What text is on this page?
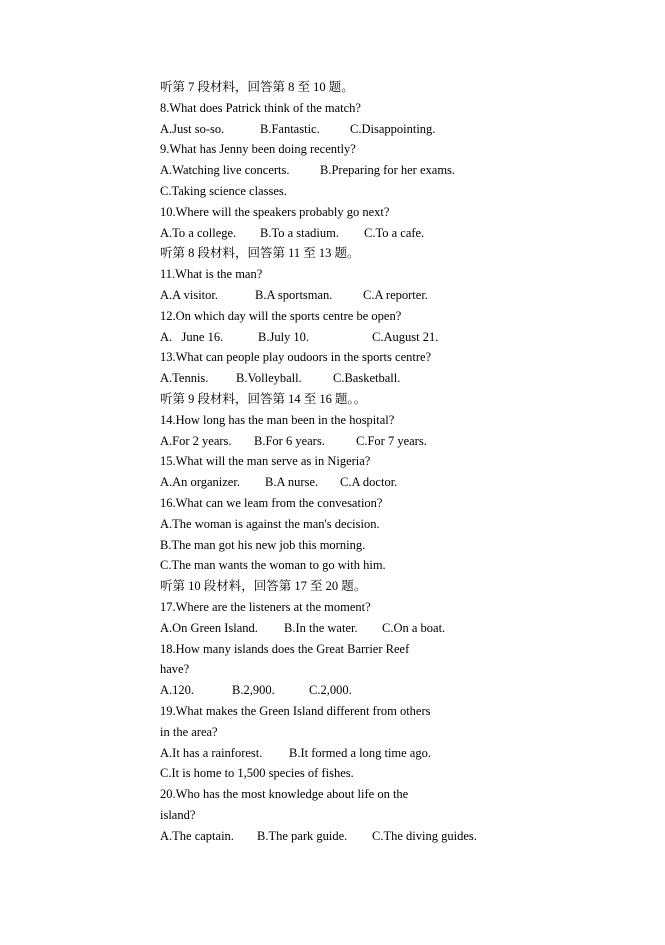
听第 7 段材料，回答第 8 至 10 题。
8.What does Patrick think of the match?
A.Just so-so.	B.Fantastic.	C.Disappointing.
9.What has Jenny been doing recently?
A.Watching live concerts.	B.Preparing for her exams.
C.Taking science classes.
10.Where will the speakers probably go next?
A.To a college.	B.To a stadium.	C.To a cafe.
听第 8 段材料，回答第 11 至 13 题。
11.What is the man?
A.A visitor.	B.A sportsman.	C.A reporter.
12.On which day will the sports centre be open?
A.   June 16.	B.July 10.	C.August 21.
13.What can people play oudoors in the sports centre?
A.Tennis.	B.Volleyball.	C.Basketball.
听第 9 段材料，回答第 14 至 16 题。。
14.How long has the man been in the hospital?
A.For 2 years.	B.For 6 years.	C.For 7 years.
15.What will the man serve as in Nigeria?
A.An organizer.	B.A nurse.	C.A doctor.
16.What can we leam from the convesation?
A.The woman is against the man's decision.
B.The man got his new job this morning.
C.The man wants the woman to go with him.
听第 10 段材料，回答第 17 至 20 题。
17.Where are the listeners at the moment?
A.On Green Island.	B.In the water.	C.On a boat.
18.How many islands does the Great Barrier Reef
have?
A.120.	B.2,900.	C.2,000.
19.What makes the Green Island different from others
in the area?
A.It has a rainforest.	B.It formed a long time ago.
C.It is home to 1,500 species of fishes.
20.Who has the most knowledge about life on the
island?
A.The captain.	B.The park guide.	C.The diving guides.
